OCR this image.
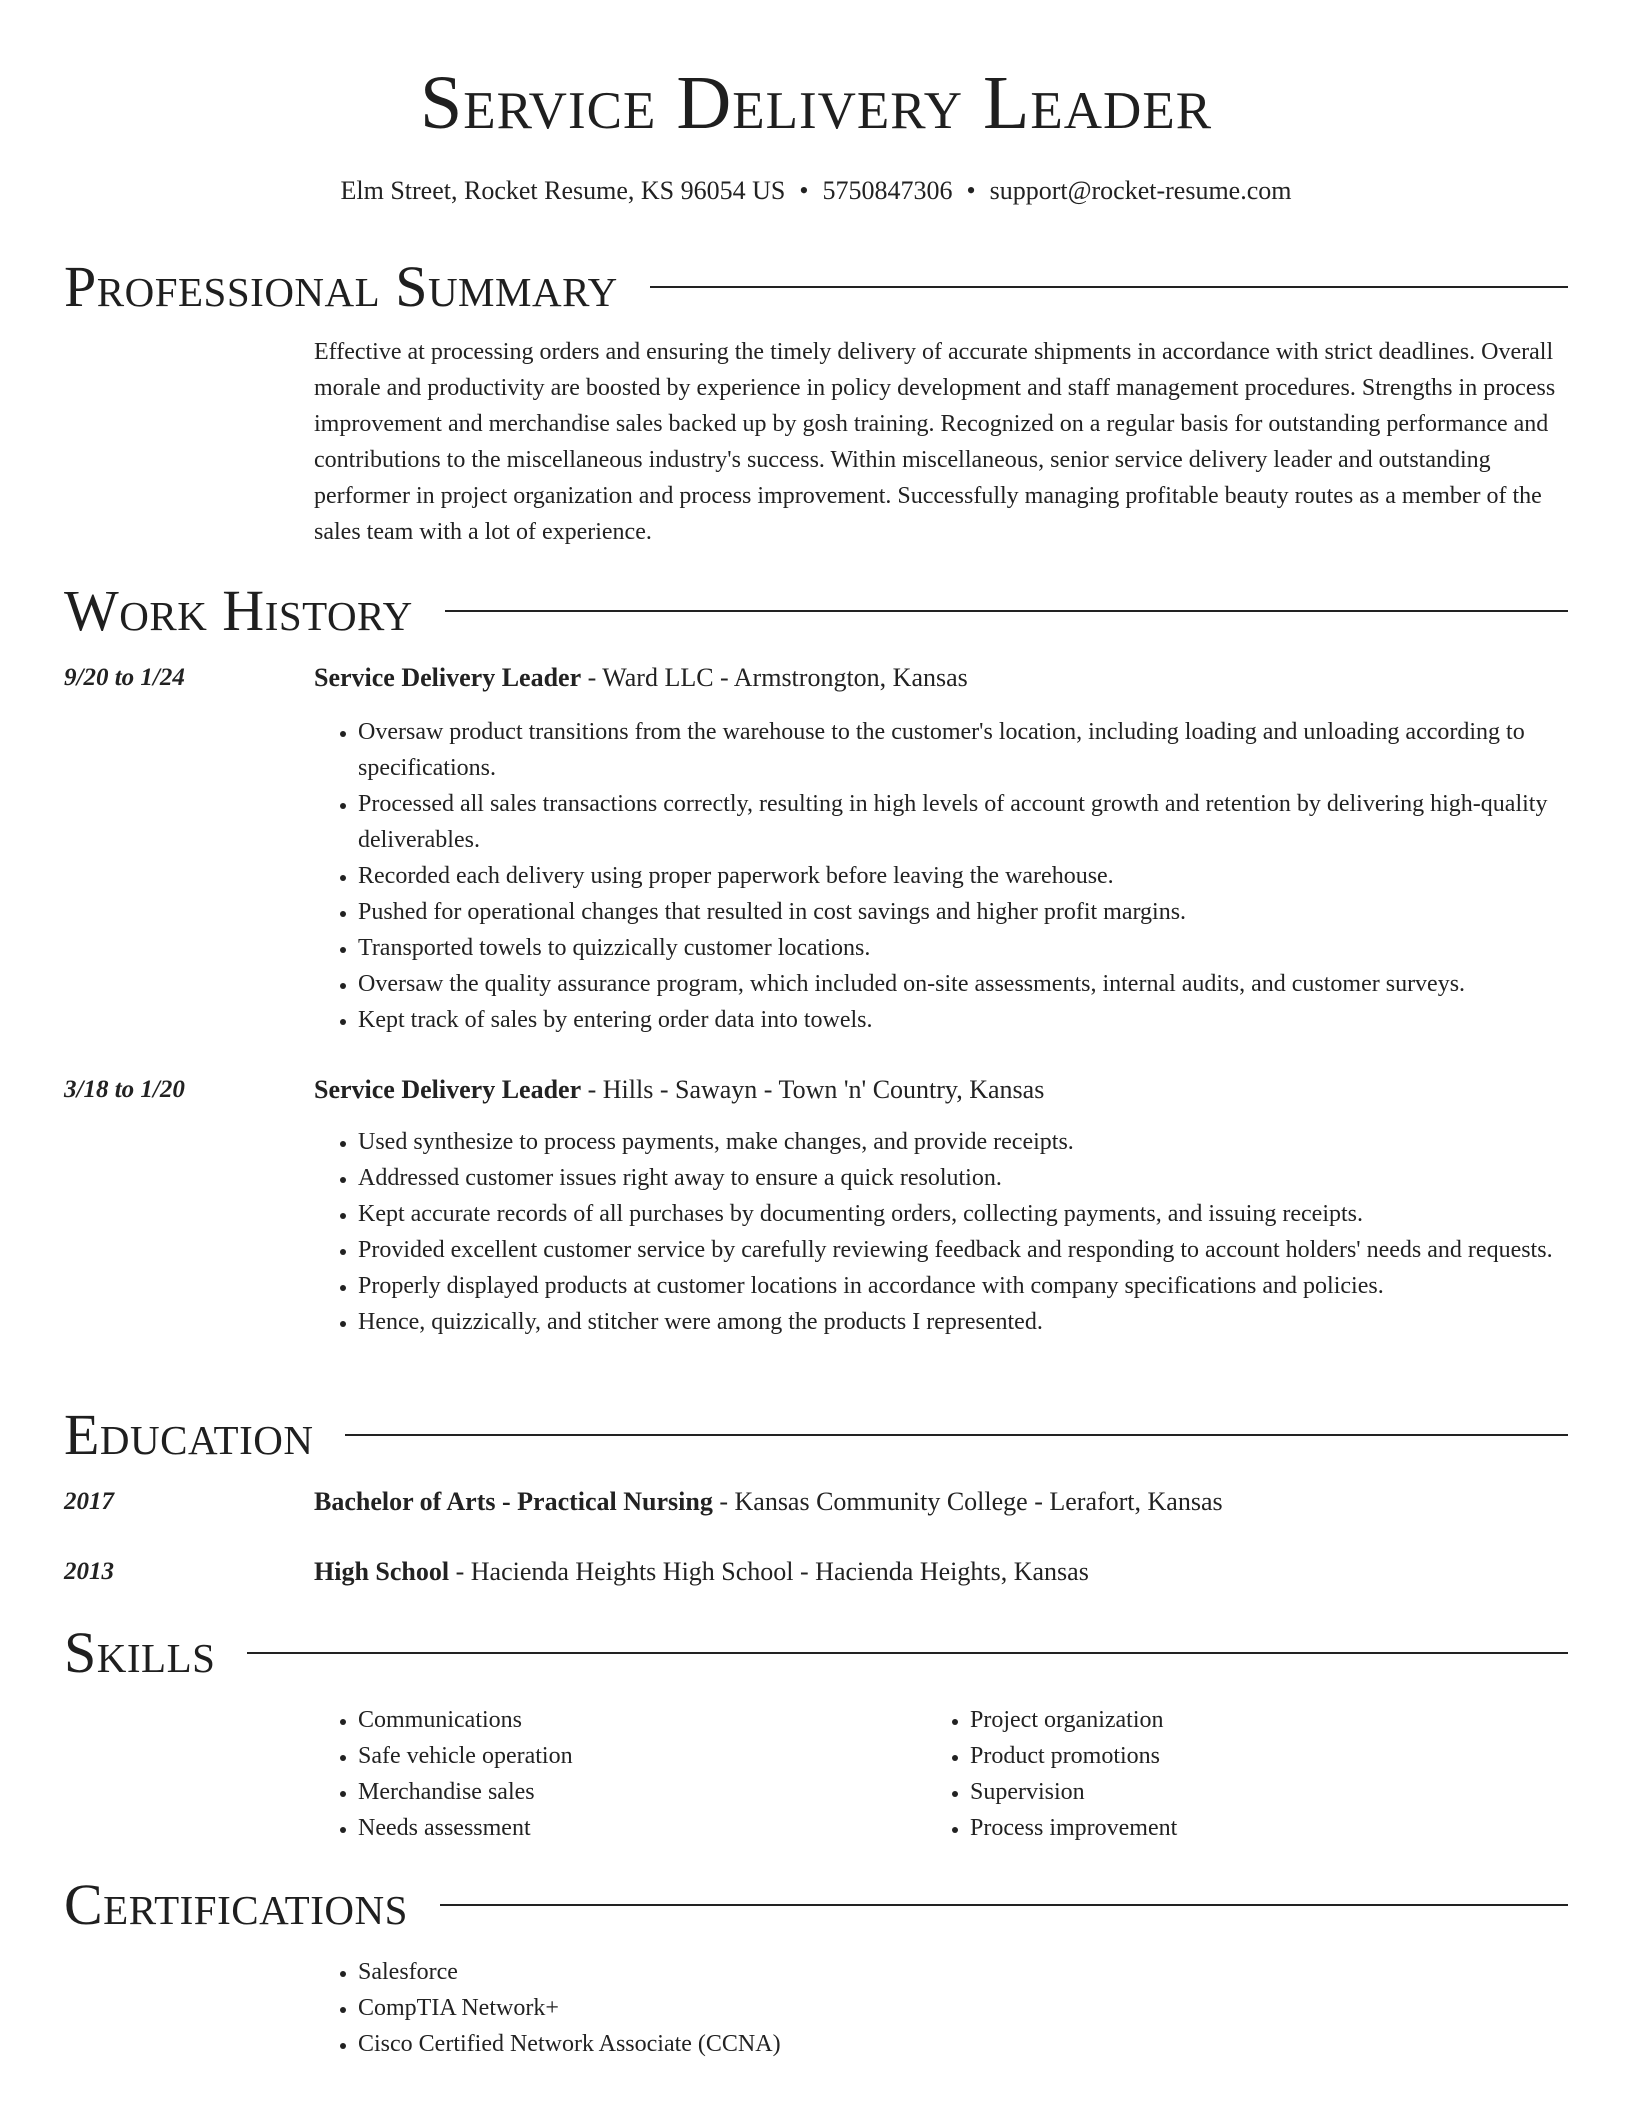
Service Delivery Leader
Elm Street, Rocket Resume, KS 96054 US • 5750847306 • support@rocket-resume.com
Professional Summary

Effective at processing orders and ensuring the timely delivery of accurate shipments in accordance with strict deadlines. Overall morale and productivity are boosted by experience in policy development and staff management procedures. Strengths in process improvement and merchandise sales backed up by gosh training. Recognized on a regular basis for outstanding performance and contributions to the miscellaneous industry's success. Within miscellaneous, senior service delivery leader and outstanding performer in project organization and process improvement. Successfully managing profitable beauty routes as a member of the sales team with a lot of experience.

Work History
9/20 to 1/24	Service Delivery Leader - Ward LLC - Armstrongton, Kansas
• Oversaw product transitions from the warehouse to the customer's location, including loading and unloading according to specifications.
• Processed all sales transactions correctly, resulting in high levels of account growth and retention by delivering high-quality deliverables.
• Recorded each delivery using proper paperwork before leaving the warehouse.
• Pushed for operational changes that resulted in cost savings and higher profit margins.
• Transported towels to quizzically customer locations.
• Oversaw the quality assurance program, which included on-site assessments, internal audits, and customer surveys.
• Kept track of sales by entering order data into towels.
3/18 to 1/20	Service Delivery Leader - Hills - Sawayn - Town 'n' Country, Kansas
• Used synthesize to process payments, make changes, and provide receipts.
• Addressed customer issues right away to ensure a quick resolution.
• Kept accurate records of all purchases by documenting orders, collecting payments, and issuing receipts.
• Provided excellent customer service by carefully reviewing feedback and responding to account holders' needs and requests.
• Properly displayed products at customer locations in accordance with company specifications and policies.
• Hence, quizzically, and stitcher were among the products I represented.
Education
2017	Bachelor of Arts - Practical Nursing - Kansas Community College - Lerafort, Kansas
2013	High School - Hacienda Heights High School - Hacienda Heights, Kansas
Skills
• Communications
• Safe vehicle operation
• Merchandise sales
• Needs assessment
• Project organization
• Product promotions
• Supervision
• Process improvement
Certifications
• Salesforce
• CompTIA Network+
• Cisco Certified Network Associate (CCNA)
